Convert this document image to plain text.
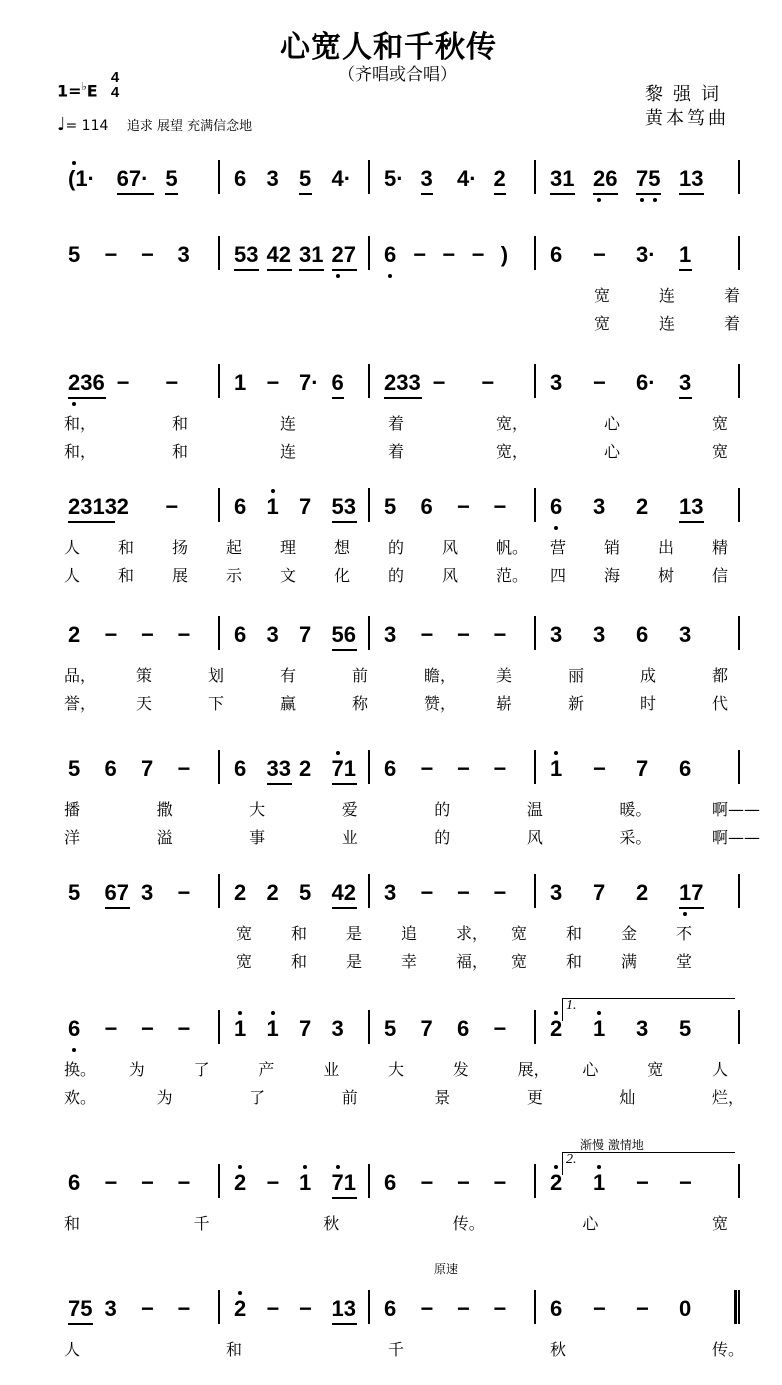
心宽人和千秋传
（齐唱或合唱）
1=♭E
4
4
♩= 114 追求 展望 充满信念地
黎强词
黄本笃曲
渐慢 激情地
原速
1.
2.
(1· 67· 5	6 3 5 4· 5· 3 4· 2 31 26 75 13
5 − − 3 53 42 31 27 6 − − − ) 6 − 3· 1
宽	连	着
宽	连	着
236 − −	1 − 7· 6 233 − −	3 − 6· 3
和，	和	连	着	宽，	心	宽
和，	和	连	着	宽，	心	宽
2313 2 −	6 1 7 53 5 6 − − 6 3 2 13
人 和 扬 起 理 想 的 风 帆。 营 销 出 精
人 和 展 示 文 化 的 风 范。 四 海 树 信
2 − − − 6 3 7 56 3 − − − 3 3 6 3
品， 策	划	有	前	瞻， 美	丽	成	都
誉， 天	下	赢	称	赞， 崭	新	时	代
5 6 7 − 6 33 2 71 6 − − − 1 − 7 6
播	撒	大	爱	的	温	暖。	啊——
洋	溢	事	业	的	风	采。	啊——
5 67 3 − 2 2 5 42 3 − − − 3 7 2 17
宽 和 是 追 求， 宽 和 金 不
宽 和 是 幸 福， 宽 和 满 堂
6 − − − 1 1 7 3 5 7 6 − 2 1 3 5
换。 为	了	产	业	大	发	展， 心	宽	人
欢。	为	了	前	景	更	灿	烂，
6 − − − 2 − 1 71 6 − − − 2 1 − −
和	千	秋	传。	心	宽
75 3 − − 2 − − 13 6 − − − 6 − − 0
人	和	千	秋	传。
